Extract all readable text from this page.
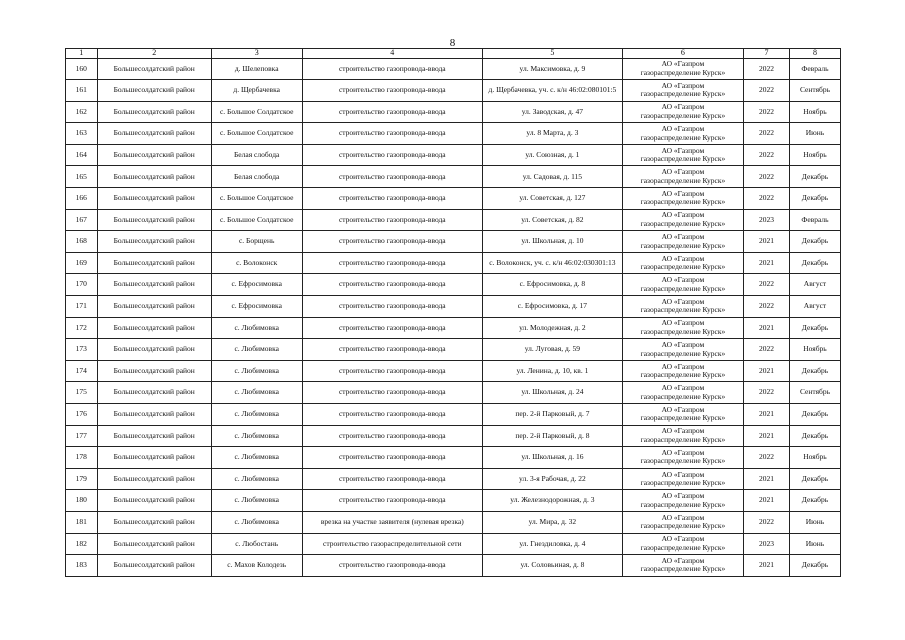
8
1	2	3	4	5	6	7	8
160	Большесолдатский район	д. Шелеповка	строительство газопровода-ввода	ул. Максимовка, д. 9	АО «Газпром
газораспределение Курск»	2022	Февраль
161	Большесолдатский район	д. Щербачевка	строительство газопровода-ввода	д. Щербачевка, уч. с. к/н 46:02:080101:5	АО «Газпром
газораспределение Курск»	2022	Сентябрь
162	Большесолдатский район	с. Большое Солдатское	строительство газопровода-ввода	ул. Заводская, д. 47	АО «Газпром
газораспределение Курск»	2022	Ноябрь
163	Большесолдатский район	с. Большое Солдатское	строительство газопровода-ввода	ул. 8 Марта, д. 3	АО «Газпром
газораспределение Курск»	2022	Июнь
164	Большесолдатский район	Белая слобода	строительство газопровода-ввода	ул. Союзная, д. 1	АО «Газпром
газораспределение Курск»	2022	Ноябрь
165	Большесолдатский район	Белая слобода	строительство газопровода-ввода	ул. Садовая, д. 115	АО «Газпром
газораспределение Курск»	2022	Декабрь
166	Большесолдатский район	с. Большое Солдатское	строительство газопровода-ввода	ул. Советская, д. 127	АО «Газпром
газораспределение Курск»	2022	Декабрь
167	Большесолдатский район	с. Большое Солдатское	строительство газопровода-ввода	ул. Советская, д. 82	АО «Газпром
газораспределение Курск»	2023	Февраль
168	Большесолдатский район	с. Борщень	строительство газопровода-ввода	ул. Школьная, д. 10	АО «Газпром
газораспределение Курск»	2021	Декабрь
169	Большесолдатский район	с. Волоконск	строительство газопровода-ввода	с. Волоконск, уч. с. к/н 46:02:030301:13	АО «Газпром
газораспределение Курск»	2021	Декабрь
170	Большесолдатский район	с. Ефросимовка	строительство газопровода-ввода	с. Ефросимовка, д. 8	АО «Газпром
газораспределение Курск»	2022	Август
171	Большесолдатский район	с. Ефросимовка	строительство газопровода-ввода	с. Ефросимовка, д. 17	АО «Газпром
газораспределение Курск»	2022	Август
172	Большесолдатский район	с. Любимовка	строительство газопровода-ввода	ул. Молодежная, д. 2	АО «Газпром
газораспределение Курск»	2021	Декабрь
173	Большесолдатский район	с. Любимовка	строительство газопровода-ввода	ул. Луговая, д. 59	АО «Газпром
газораспределение Курск»	2022	Ноябрь
174	Большесолдатский район	с. Любимовка	строительство газопровода-ввода	ул. Ленина, д. 10, кв. 1	АО «Газпром
газораспределение Курск»	2021	Декабрь
175	Большесолдатский район	с. Любимовка	строительство газопровода-ввода	ул. Школьная, д. 24	АО «Газпром
газораспределение Курск»	2022	Сентябрь
176	Большесолдатский район	с. Любимовка	строительство газопровода-ввода	пер. 2-й Парковый, д. 7	АО «Газпром
газораспределение Курск»	2021	Декабрь
177	Большесолдатский район	с. Любимовка	строительство газопровода-ввода	пер. 2-й Парковый, д. 8	АО «Газпром
газораспределение Курск»	2021	Декабрь
178	Большесолдатский район	с. Любимовка	строительство газопровода-ввода	ул. Школьная, д. 16	АО «Газпром
газораспределение Курск»	2022	Ноябрь
179	Большесолдатский район	с. Любимовка	строительство газопровода-ввода	ул. 3-я Рабочая, д. 22	АО «Газпром
газораспределение Курск»	2021	Декабрь
180	Большесолдатский район	с. Любимовка	строительство газопровода-ввода	ул. Железнодорожная, д. 3	АО «Газпром
газораспределение Курск»	2021	Декабрь
181	Большесолдатский район	с. Любимовка	врезка на участке заявителя (нулевая врезка)	ул. Мира, д. 32	АО «Газпром
газораспределение Курск»	2022	Июнь
182	Большесолдатский район	с. Любостань	строительство газораспределительной сети	ул. Гнездиловка, д. 4	АО «Газпром
газораспределение Курск»	2023	Июнь
183	Большесолдатский район	с. Махов Колодезь	строительство газопровода-ввода	ул. Соловьиная, д. 8	АО «Газпром
газораспределение Курск»	2021	Декабрь
